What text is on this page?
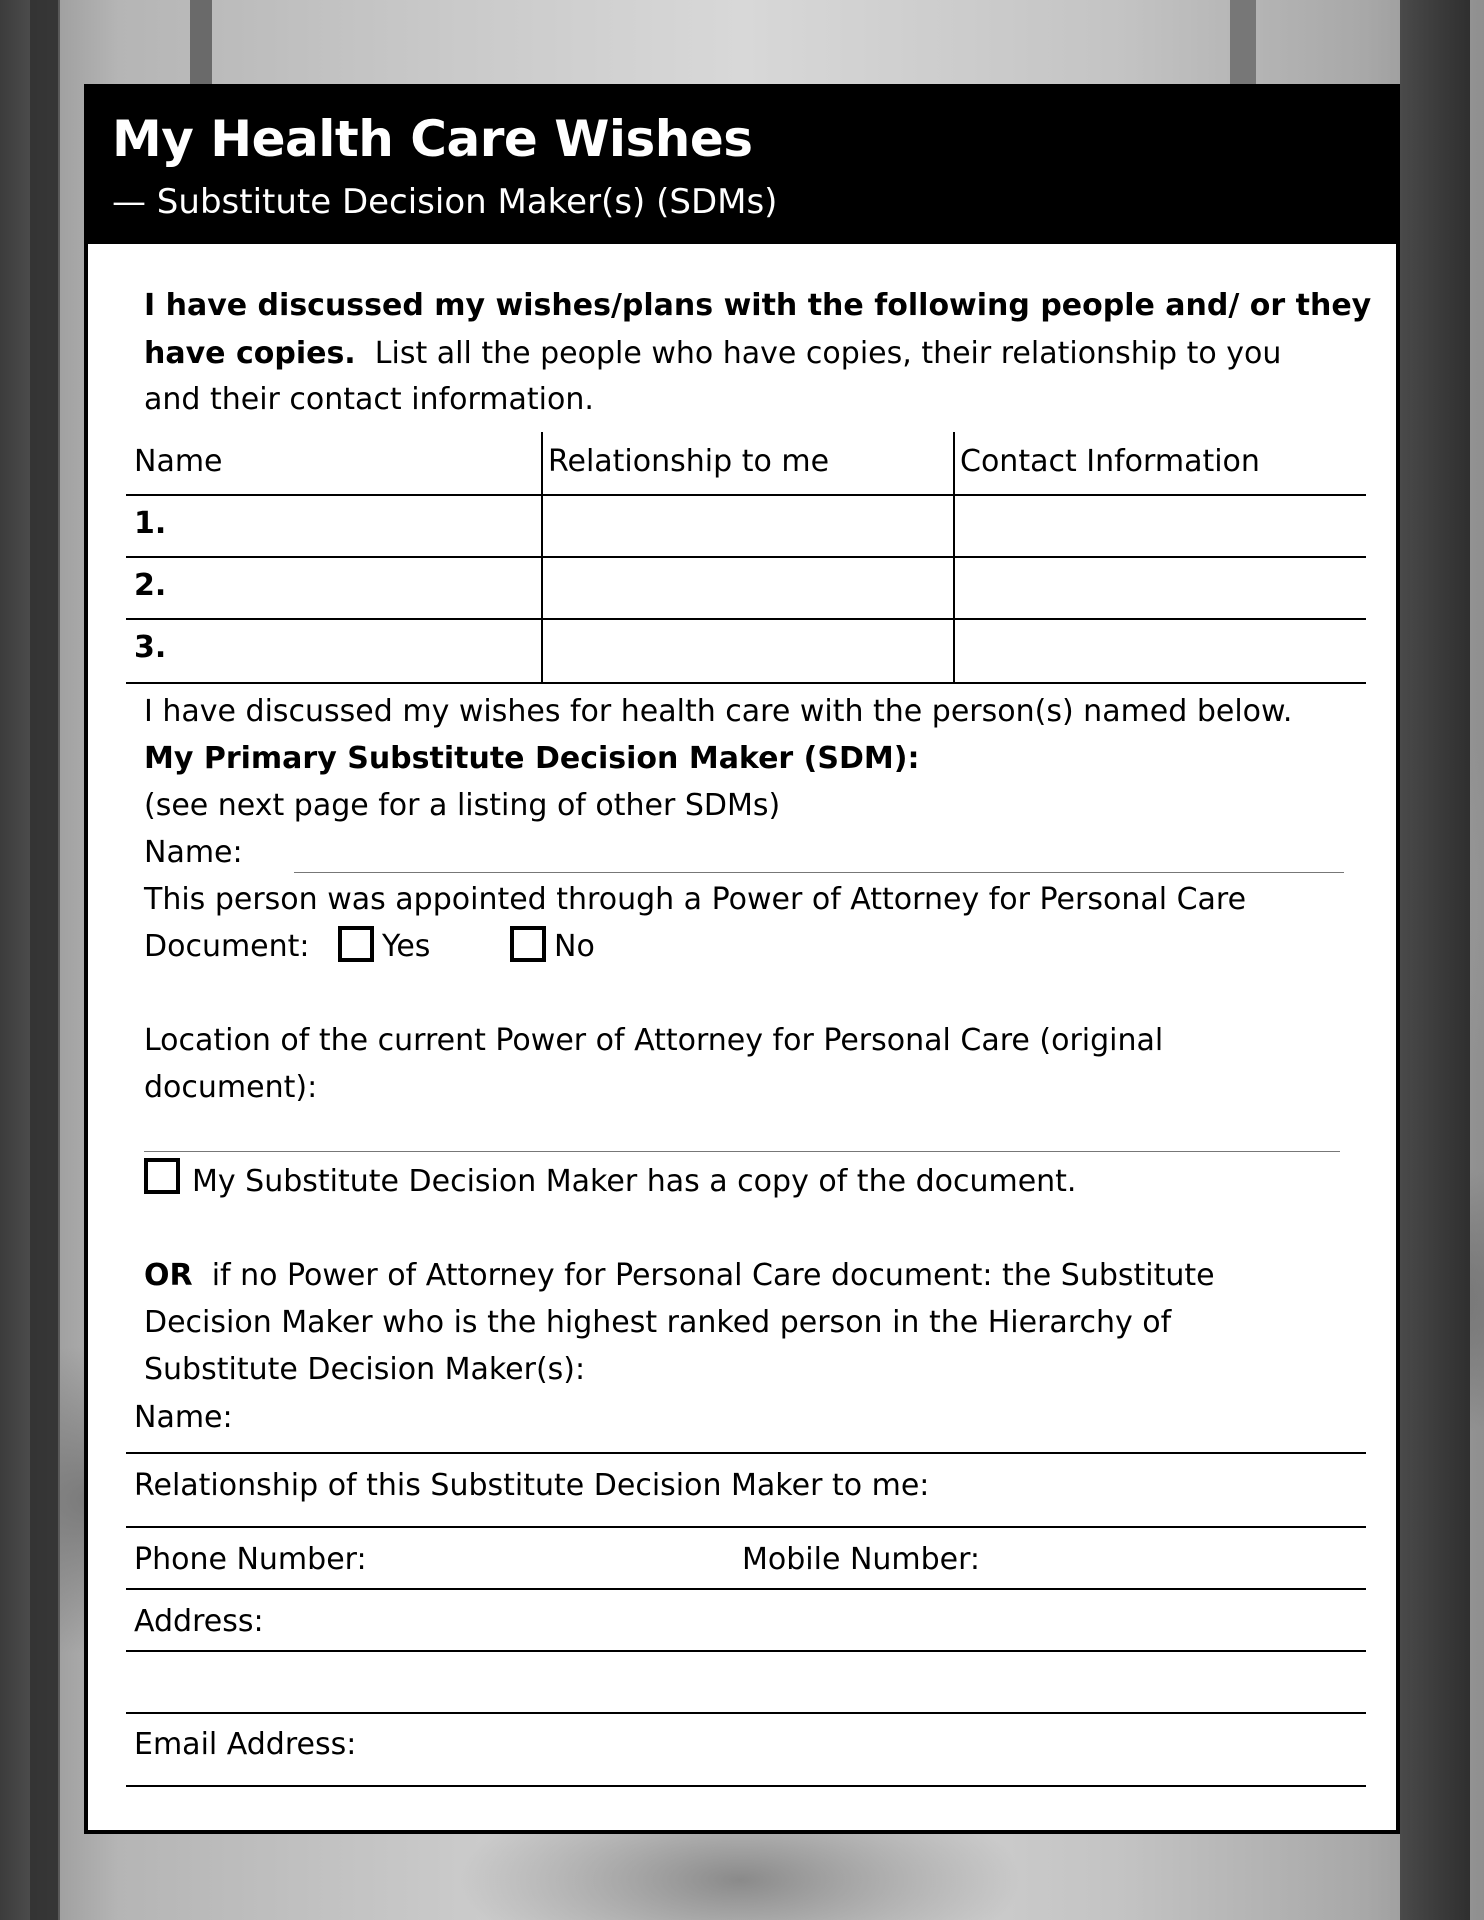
My Health Care Wishes
— Substitute Decision Maker(s) (SDMs)
I have discussed my wishes/plans with the following people and/ or they
have copies. List all the people who have copies, their relationship to you
and their contact information.
Name	Relationship to me	Contact Information
1.
2.
3.
I have discussed my wishes for health care with the person(s) named below.
My Primary Substitute Decision Maker (SDM):
(see next page for a listing of other SDMs)
Name:
This person was appointed through a Power of Attorney for Personal Care
Document: Yes	No
Location of the current Power of Attorney for Personal Care (original
document):
My Substitute Decision Maker has a copy of the document.
OR if no Power of Attorney for Personal Care document: the Substitute
Decision Maker who is the highest ranked person in the Hierarchy of
Substitute Decision Maker(s):
Name:
Relationship of this Substitute Decision Maker to me:
Phone Number:	Mobile Number:
Address:
Email Address:
